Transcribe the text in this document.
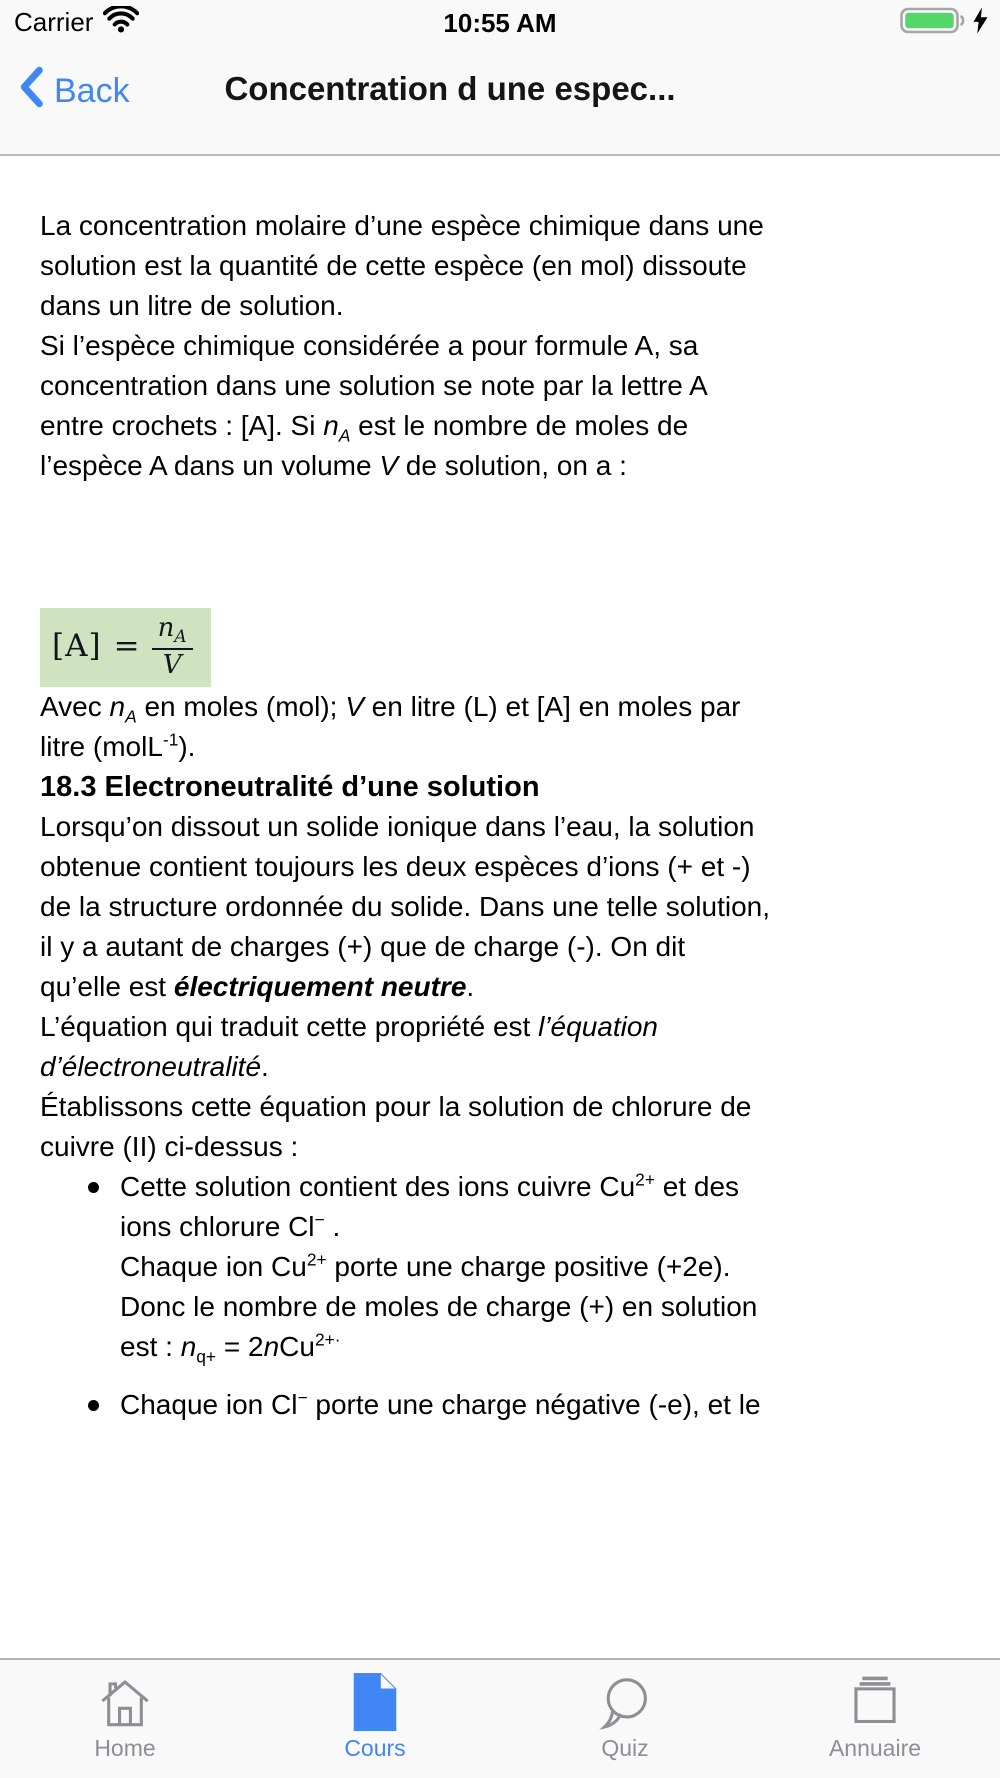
Carrier	10:55 AM
Back	Concentration d une espec...

La concentration molaire d’une espèce chimique dans une
solution est la quantité de cette espèce (en mol) dissoute
dans un litre de solution.
Si l’espèce chimique considérée a pour formule A, sa
concentration dans une solution se note par la lettre A
entre crochets : [A]. Si $n_A$ est le nombre de moles de
l’espèce A dans un volume V de solution, on a :

$[A] = \frac{n_A}{V}$

Avec $n_A$ en moles (mol); V en litre (L) et [A] en moles par
litre (molL$^{-1}$).

18.3 Electroneutralité d’une solution

Lorsqu’on dissout un solide ionique dans l’eau, la solution
obtenue contient toujours les deux espèces d’ions (+ et -)
de la structure ordonnée du solide. Dans une telle solution,
il y a autant de charges (+) que de charge (-). On dit
qu’elle est électriquement neutre.
L’équation qui traduit cette propriété est l’équation
d’électroneutralité.

Établissons cette équation pour la solution de chlorure de
cuivre (II) ci-dessus :

Cette solution contient des ions cuivre $Cu^{2+}$ et des
ions chlorure Cl− .
Chaque ion $Cu^{2+}$ porte une charge positive (+2e).
Donc le nombre de moles de charge (+) en solution
est : $n_{q+} = 2nCu^{2+\cdot}$
Chaque ion Cl− porte une charge négative (-e), et le
Home	Cours	Quiz	Annuaire
